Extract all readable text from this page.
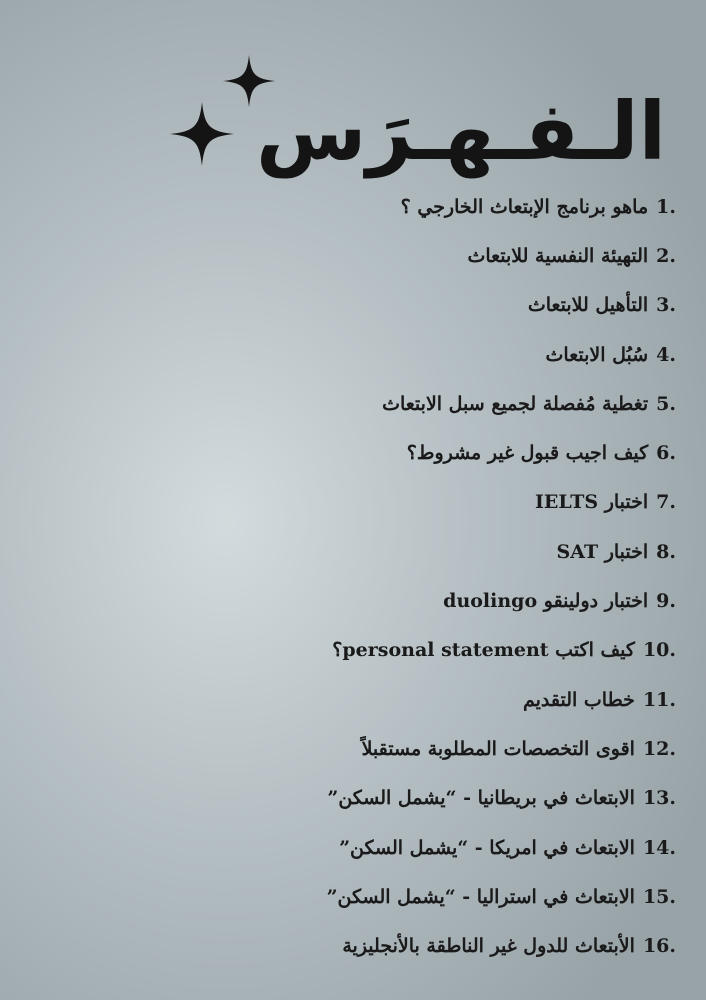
الـفـهـرَس
1.
ماهو برنامج الإبتعاث الخارجي ؟
2.
التهيئة النفسية للابتعاث
3.
التأهيل للابتعاث
4.
سُبُل الابتعاث
5.
تغطية مُفصلة لجميع سبل الابتعاث
6.
كيف اجيب قبول غير مشروط؟
7.
اختبار IELTS
8.
اختبار SAT
9.
اختبار دولينقو duolingo
10.
كيف اكتب personal statement؟
11.
خطاب التقديم
12.
اقوى التخصصات المطلوبة مستقبلاً
13.
الابتعاث في بريطانيا - “يشمل السكن”
14.
الابتعاث في امريكا - “يشمل السكن”
15.
الابتعاث في استراليا - “يشمل السكن”
16.
الأبتعاث للدول غير الناطقة بالأنجليزية
